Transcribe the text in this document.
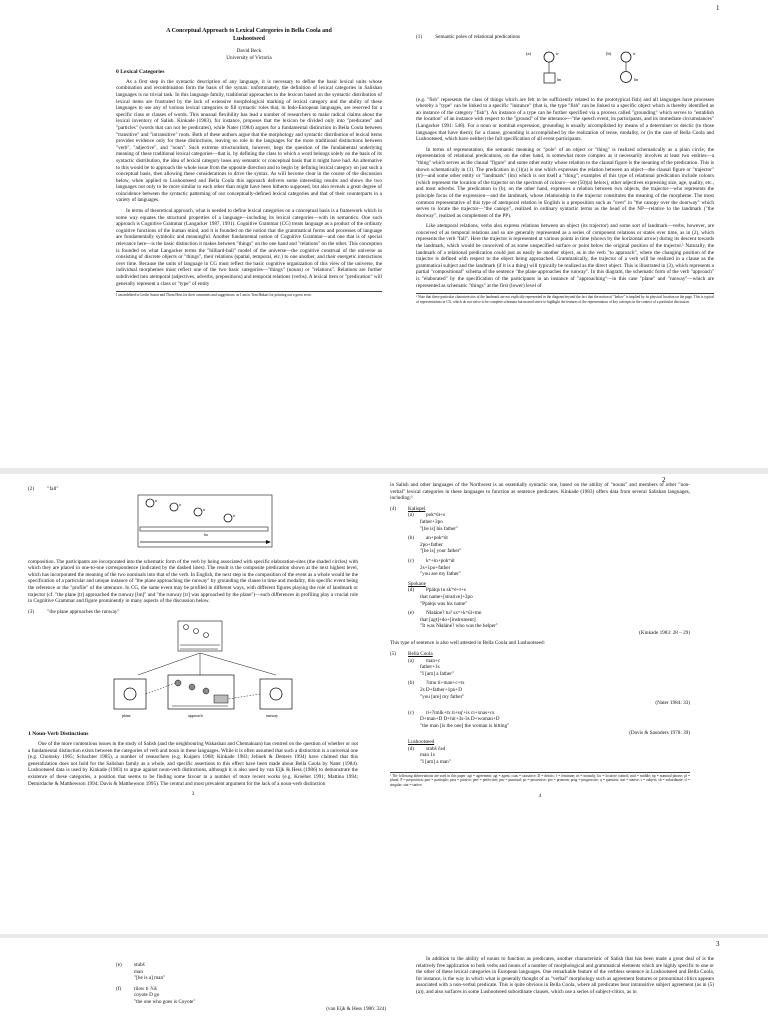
1
A Conceptual Approach to Lexical Categories in Bella Coola and Lushootseed
David Beck
University of Victoria
0 Lexical Categories

As a first step in the syntactic description of any language, it is necessary to define the basic lexical units whose combination and recombination form the basis of the syntax: unfortunately, the definition of lexical categories in Salishan languages is no trivial task. In this language family, traditional approaches to the lexicon based on the syntactic distribution of lexical items are frustrated by the lack of extensive morphological marking of lexical category and the ability of these languages to use any of various lexical categories to fill syntactic roles that, in Indo-European languages, are reserved for a specific class or classes of words. This unusual flexibility has lead a number of researchers to make radical claims about the lexical inventory of Salish. Kinkade (1983), for instance, proposes that the lexicon be divided only into "predicates" and "particles" (words that can not be predicates), while Nater (1984) argues for a fundamental distinction in Bella Coola between "transitive" and "intransitive" roots. Both of these authors argue that the morphology and syntactic distribution of lexical items provides evidence only for these distinctions, leaving no role in the languages for the more traditional distinctions between "verb", "adjective", and "noun". Such extreme structuralism, however, begs the question of the fundamental underlying meaning of these traditional lexical categories—that is, by defining the class to which a word belongs solely on the basis of its syntactic distribution, the idea of lexical category loses any semantic or conceptual basis that it might have had. An alternative to this would be to approach the whole issue from the opposite direction and to begin by defining lexical category on just such a conceptual basis, then allowing these considerations to drive the syntax. As will become clear in the course of the discussion below, when applied to Lushootseed and Bella Coola this approach delivers some interesting results and shows the two languages not only to be more similar to each other than might have been hitherto supposed, but also reveals a great degree of coincidence between the syntactic patterning of our conceptually-defined lexical categories and that of their counterparts in a variety of languages.

In terms of theoretical approach, what is needed to define lexical categories on a conceptual basis is a framework which in some way equates the structural properties of a language—including its lexical categories—with its semantics. One such approach is Cognitive Grammar (Langacker 1987, 1991). Cognitive Grammar (CG) treats language as a product of the ordinary cognitive functions of the human mind, and it is founded on the notion that the grammatical forms and processes of language are fundamentally symbolic and meaningful. Another fundamental notion of Cognitive Grammar—and one that is of special relevance here—is the basic distinction it makes between "things" on the one hand and "relations" on the other. This conception is founded on what Langacker terms the "billiard-ball" model of the universe—the cognitive construal of the universe as consisting of discrete objects or "things", their relations (spatial, temporal, etc.) to one another, and their energetic interactions over time. Because the units of language in CG must reflect the basic cognitive organization of this view of the universe, the individual morphemes must reflect one of the two basic categories—"things" (nouns) or "relations". Relations are further subdivided into atemporal (adjectives, adverbs, prepositions) and temporal relations (verbs). A lexical item or "predication" will generally represent a class or "type" of entity

I am indebted to Leslie Saxon and Thom Hess for their comments and suggestions, as I am to Tom Hukari for pointing out a gross error.
(1)	Semantic poles of relational predications
(a)	tr
lm
(b)	tr
lm

(e.g. "fish" represents the class of things which are felt to be sufficiently related to the prototypical fish) and all languages have processes whereby a "type" can be linked to a specific "instance" (that is, the type "fish" can be linked to a specific object which is thereby identified as an instance of the category "fish"). An instance of a type can be further specified via a process called "grounding" which serves to "establish the location" of an instance with respect to the "ground" of the utterance—"the speech event, its participants, and its immediate circumstances" (Langacker 1991: 548). For a noun or nominal expression, grounding is usually accomplished by means of a determiner or deictic (to those languages that have them); for a clause, grounding is accomplished by the realization of tense, modality, or (in the case of Bella Coola and Lushootseed, which have neither) the full specification of all event-participants.

In terms of representation, the semantic meaning or "pole" of an object or "thing" is realized schematically as a plain circle; the representation of relational predications, on the other hand, is somewhat more complex as it necessarily involves at least two entities—a "thing" which serves as the clausal "figure" and some other entity whose relation to the clausal figure is the meaning of the predication. This is shown schematically in (1). The predication in (1)(a) is one which expresses the relation between an object—the clausal figure or "trajector" (tr)—and some other entity or "landmark" (lm) which is not itself a "thing"; examples of this type of relational predication include colours (which represent the location of the trajector on the spectrum of colours—see (50)(a) below), other adjectives expressing size, age, quality, etc., and most adverbs. The predication in (b), on the other hand, expresses a relation between two objects, the trajector—who represents the principle focus of the expression—and the landmark, whose relationship to the trajector constitutes the meaning of the morpheme. The most common representative of this type of atemporal relation in English is a preposition such as "over" in "the canopy over the doorway" which serves to locate the trajector—"the canopy", realized in ordinary syntactic terms as the head of the NP—relative to the landmark ("the doorway", realized as complement of the PP).

Like atemporal relations, verbs also express relations between an object (its trajector) and some sort of landmark—verbs, however, are conceived of as temporal relations and so are generally represented as a series of component relations or states over time, as in (2), which represents the verb "fall". Here the trajector is represented at various points in time (shown by the horizontal arrow) during its descent towards the landmark, which would be conceived of as some unspecified surface or point below the original position of the trajector.¹ Naturally, the landmark of a relational predication could just as easily be another object, as in the verb "to approach", where the changing position of the trajector is defined with respect to the object being approached. Grammatically, the trajector of a verb will be realized in a clause as the grammatical subject and the landmark (if it is a thing) will typically be realized as the direct object. This is illustrated in (3), which represents a partial "compositional" schema of the sentence "the plane approaches the runway". In this diagram, the schematic form of the verb "approach" is "elaborated" by the specification of the participants in an instance of "approaching"—in this case "plane" and "runway"—which are represented as schematic "things" at the first (lower) level of

¹ Note that these particular characteristics of the landmark are not explicitly represented in the diagram beyond the fact that the notion of "below" is implied by its physical location on the page. This is typical of representations in CG, which do not strive to be complete schemata but instead strive to highlight the features of the representation of key concepts in the context of a particular discussion.
2
(2)	"fall"
tr
tr
tr
tr
lm

composition. The participants are incorporated into the schematic form of the verb by being associated with specific elaboration-sites (the shaded circles) with which they are placed in one-to-one correspondence (indicated by the dashed lines). The result is the composite predication shown at the next highest level, which has incorporated the meaning of the two nominals into that of the verb. In English, the next step in the composition of the event as a whole would be the specification of a particular and unique instance of "the plane approaching the runway" by grounding the clause in time and modality, this specific event being the reference or the "profile" of the utterance. In CG, the same event may be profiled in different ways, with different figures playing the role of landmark or trajector (cf. "the plane [tr] approached the runway [lm]" and "the runway [tr] was approached by the plane")—such differences in profiling play a crucial role in Cognitive Grammar and figure prominently in many aspects of the discussion below.

(3)	"the plane approaches the runway"
plane	approach	runway
1 Noun-Verb Distinctions

One of the more contentious issues in the study of Salish (and the neighbouring Wakashan and Chemakuan) has centred on the question of whether or not a fundamental distinction exists between the categories of verb and noun in these languages. While it is often assumed that such a distinction is a universal one (e.g. Chomsky 1965; Schachter 1985), a number of researchers (e.g. Kuipers 1968; Kinkade 1983; Jelinek & Demers 1994) have claimed that this generalization does not hold for the Salishan family as a whole, and specific assertions to this effect have been made about Bella Coola by Nater (1984). Lushootseed data is used by Kinkade (1983) to argue against noun-verb distinctions, although it is also used by van Eijk & Hess (1986) to demonstrate the existence of these categories, a position that seems to be finding some favour in a number of more recent works (e.g. Kroeber 1991; Mattina 1994; Demirdache & Matthewson 1994; Davis & Matthewson 1995). The central and most prevalent argument for the lack of a noun-verb distinction

3

in Salish and other languages of the Northwest is an essentially syntactic one, based on the ability of "nouns" and members of other "non-verbal" lexical categories in these languages to function as sentence predicates. Kinkade (1983) offers data from several Salishan languages, including:²

(4) Kalispel
(a) pokʷút+s
father+3po
"[he is] his father"
(b) an+pokʷút
2po+father
"[he is] your father"
(c) kʷ+in+pokʷút
2s+1po+father
"you are my father"
Spokane
(d) Ppátqs tu sk'ʷé+t+s
that name+[strative]+3po
"Ppátqs was his name"
(e) Nłaláne? tu? sxʷ+kʷúl+mn
that [agt]+do+[instrument]
"It was Nłaláne? who was the helper"
(Kinkade 1983: 28 – 29)

This type of sentence is also well attested in Bella Coola and Lushootseed:

(5) Bella Coola
(a) man+c
father+1s
"I [am] a father"
(b) ?imu ti+man+c+tx
2s D+father+1po+D
"you [are] my father"
(Nater 1984: 33)
(c) ti+?imlk+tx ti+sq'+is ci+xnas+cs
D+man+D D+hit+3s-3s D+woman+D
"the man [is the one] the woman is hitting"
(Davis & Saunders 1978: 39)
Lushootseed
(d) stubš čəd
man 1s
"I [am] a man"
² The following abbreviations are used in this paper: agt = agreement; agt = agent; caus = causative; D = deictic; f = feminine; ns = nonsubj; loc = locative control; mid = middle; np = nominal phrase; pl = plural; P = preposition; part = participle; pass = passive; perf = perfective; pnc = punctual; po = possessive; pro = pronoun; prog = progressive; q = question; stat = stative; s = subject; sb = subordinate; sl = singular; stat = stative.
4
3
(e) stubš
man
"[he is a] man"
(f) tiləw ti ?úš
coyote D go
"the one who goes is Coyote"
(van Eijk & Hess 1986: 324)

In addition to the ability of nouns to function as predicates, another characteristic of Salish that has been made a great deal of is the relatively free application to both verbs and nouns of a number of morphological and grammatical elements which are highly specific to one or the other of these lexical categories in European languages. One remarkable feature of the verbless sentence in Lushootseed and Bella Coola, for instance, is the way in which what is generally thought of as "verbal" morphology such as agreement features or pronominal clitics appears associated with a non-verbal predicate. This is quite obvious in Bella Coola, where all predicates bear intransitive subject agreement (as in (5)(a)), and also surfaces in some Lushootseed subordinate clauses, which use a series of subject-clitics, as in
